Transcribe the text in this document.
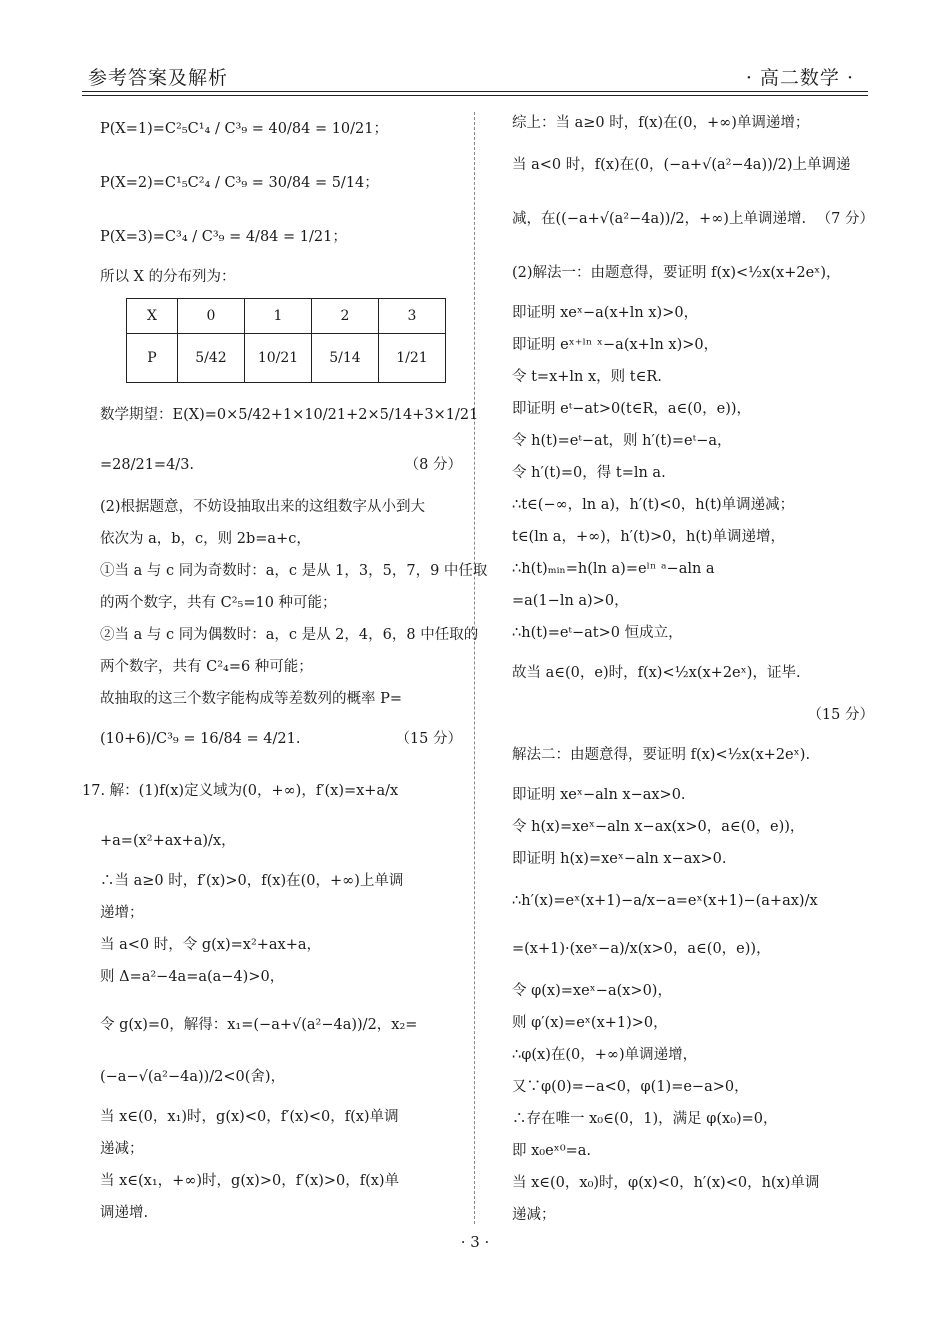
参考答案及解析	· 高二数学 ·
P(X=1)=C²₅C¹₄ / C³₉ = 40/84 = 10/21；
P(X=2)=C¹₅C²₄ / C³₉ = 30/84 = 5/14；
P(X=3)=C³₄ / C³₉ = 4/84 = 1/21；
所以 X 的分布列为：
X	0	1	2	3
P	5/42	10/21	5/14	1/21
数学期望：E(X)=0×5/42+1×10/21+2×5/14+3×1/21
=28/21=4/3.	（8 分）
(2)根据题意，不妨设抽取出来的这组数字从小到大
依次为 a，b，c，则 2b=a+c，
①当 a 与 c 同为奇数时：a，c 是从 1，3，5，7，9 中任取
的两个数字，共有 C²₅=10 种可能；
②当 a 与 c 同为偶数时：a，c 是从 2，4，6，8 中任取的
两个数字，共有 C²₄=6 种可能；
故抽取的这三个数字能构成等差数列的概率 P=
(10+6)/C³₉ = 16/84 = 4/21.	（15 分）
17. 解：(1)f(x)定义域为(0，+∞)，f′(x)=x+a/x
+a=(x²+ax+a)/x，
∴当 a≥0 时，f′(x)>0，f(x)在(0，+∞)上单调
递增；
当 a<0 时，令 g(x)=x²+ax+a，
则 Δ=a²−4a=a(a−4)>0，
令 g(x)=0，解得：x₁=(−a+√(a²−4a))/2，x₂=
(−a−√(a²−4a))/2<0(舍)，
当 x∈(0，x₁)时，g(x)<0，f′(x)<0，f(x)单调
递减；
当 x∈(x₁，+∞)时，g(x)>0，f′(x)>0，f(x)单
调递增.
综上：当 a≥0 时，f(x)在(0，+∞)单调递增；
当 a<0 时，f(x)在(0，(−a+√(a²−4a))/2)上单调递
减，在((−a+√(a²−4a))/2，+∞)上单调递增. （7 分）
(2)解法一：由题意得，要证明 f(x)<½x(x+2eˣ)，
即证明 xeˣ−a(x+ln x)>0，
即证明 eˣ⁺ˡⁿ ˣ−a(x+ln x)>0，
令 t=x+ln x，则 t∈R.
即证明 eᵗ−at>0(t∈R，a∈(0，e))，
令 h(t)=eᵗ−at，则 h′(t)=eᵗ−a，
令 h′(t)=0，得 t=ln a.
∴t∈(−∞，ln a)，h′(t)<0，h(t)单调递减；
t∈(ln a，+∞)，h′(t)>0，h(t)单调递增，
∴h(t)ₘᵢₙ=h(ln a)=eˡⁿ ᵃ−aln a
=a(1−ln a)>0，
∴h(t)=eᵗ−at>0 恒成立，
故当 a∈(0，e)时，f(x)<½x(x+2eˣ)，证毕.
（15 分）
解法二：由题意得，要证明 f(x)<½x(x+2eˣ).
即证明 xeˣ−aln x−ax>0.
令 h(x)=xeˣ−aln x−ax(x>0，a∈(0，e))，
即证明 h(x)=xeˣ−aln x−ax>0.
∴h′(x)=eˣ(x+1)−a/x−a=eˣ(x+1)−(a+ax)/x
=(x+1)·(xeˣ−a)/x(x>0，a∈(0，e))，
令 φ(x)=xeˣ−a(x>0)，
则 φ′(x)=eˣ(x+1)>0，
∴φ(x)在(0，+∞)单调递增，
又∵φ(0)=−a<0，φ(1)=e−a>0，
∴存在唯一 x₀∈(0，1)，满足 φ(x₀)=0，
即 x₀eˣ⁰=a.
当 x∈(0，x₀)时，φ(x)<0，h′(x)<0，h(x)单调
递减；
· 3 ·
